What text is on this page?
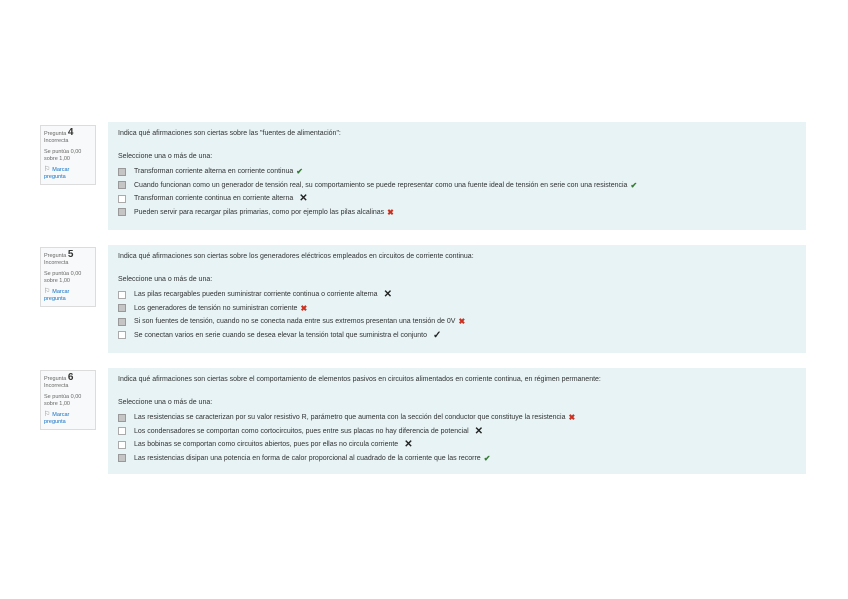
Pregunta 4
Incorrecta
Se puntúa 0,00 sobre 1,00
⚐ Marcar pregunta

Indica qué afirmaciones son ciertas sobre las "fuentes de alimentación":

Seleccione una o más de una:

Transforman corriente alterna en corriente continua ✔
Cuando funcionan como un generador de tensión real, su comportamiento se puede representar como una fuente ideal de tensión en serie con una resistencia ✔
Transforman corriente continua en corriente alterna ✕
Pueden servir para recargar pilas primarias, como por ejemplo las pilas alcalinas ✖
Pregunta 5
Incorrecta
Se puntúa 0,00 sobre 1,00
⚐ Marcar pregunta

Indica qué afirmaciones son ciertas sobre los generadores eléctricos empleados en circuitos de corriente continua:

Seleccione una o más de una:

Las pilas recargables pueden suministrar corriente continua o corriente alterna ✕
Los generadores de tensión no suministran corriente ✖
Si son fuentes de tensión, cuando no se conecta nada entre sus extremos presentan una tensión de 0V ✖
Se conectan varios en serie cuando se desea elevar la tensión total que suministra el conjunto ✓
Pregunta 6
Incorrecta
Se puntúa 0,00 sobre 1,00
⚐ Marcar pregunta

Indica qué afirmaciones son ciertas sobre el comportamiento de elementos pasivos en circuitos alimentados en corriente continua, en régimen permanente:

Seleccione una o más de una:

Las resistencias se caracterizan por su valor resistivo R, parámetro que aumenta con la sección del conductor que constituye la resistencia ✖
Los condensadores se comportan como cortocircuitos, pues entre sus placas no hay diferencia de potencial ✕
Las bobinas se comportan como circuitos abiertos, pues por ellas no circula corriente ✕
Las resistencias disipan una potencia en forma de calor proporcional al cuadrado de la corriente que las recorre ✔
